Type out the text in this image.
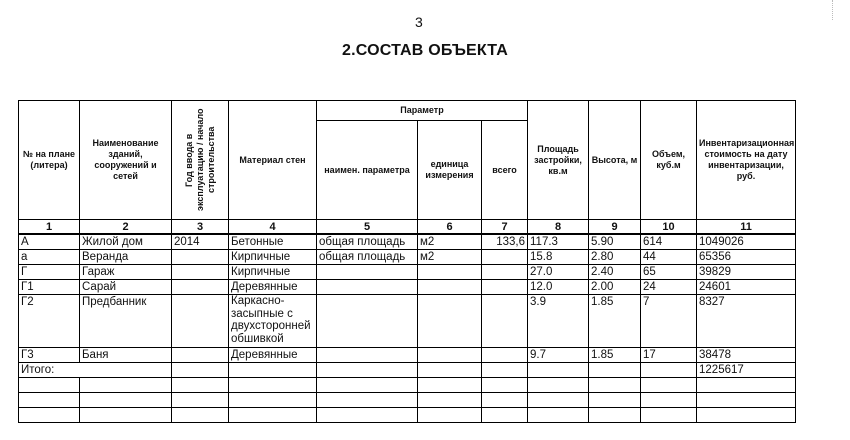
3
2.СОСТАВ ОБЪЕКТА
№ на плане (литера)	Наименование зданий, сооружений и сетей	Год ввода в эксплуатацию / начало строительства	Материал стен	Параметр			Площадь застройки, кв.м	Высота, м	Объем, куб.м	Инвентаризационная стоимость на дату инвентаризации, руб.
				наимен. параметра	единица измерения	всего				
1	2	3	4	5	6	7	8	9	10	11
А	Жилой дом	2014	Бетонные	общая площадь	м2	133,6	117.3	5.90	614	1049026
а	Веранда		Кирпичные	общая площадь	м2		15.8	2.80	44	65356
Г	Гараж		Кирпичные				27.0	2.40	65	39829
Г1	Сарай		Деревянные				12.0	2.00	24	24601
Г2	Предбанник		Каркасно-засыпные с двухсторонней обшивкой				3.9	1.85	7	8327
Г3	Баня		Деревянные				9.7	1.85	17	38478
Итого:										1225617
